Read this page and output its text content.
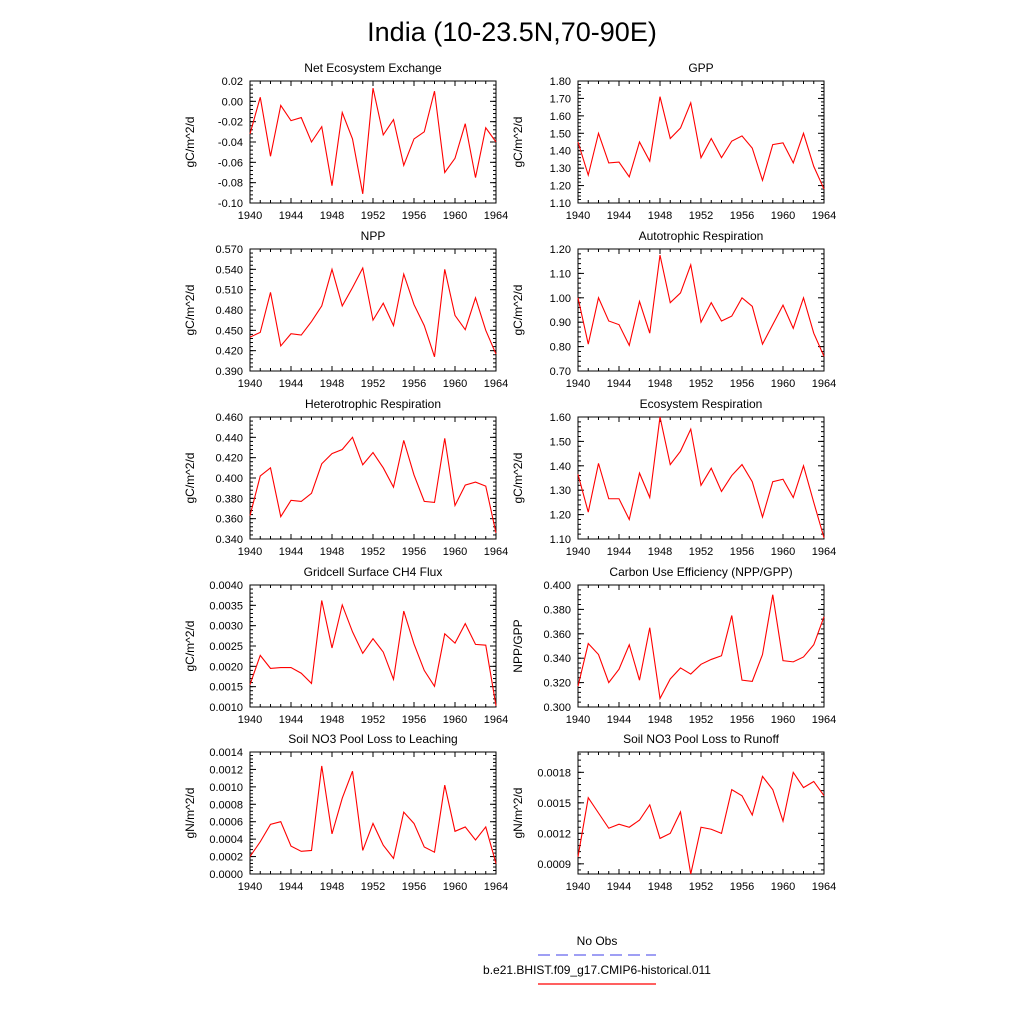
India (10-23.5N,70-90E)
Net Ecosystem Exchange
gC/m^2/d
1940 1944 1948 1952 1956 1960 1964
-0.10
-0.08
-0.06
-0.04
-0.02
0.00
0.02
GPP
gC/m^2/d
1940 1944 1948 1952 1956 1960 1964
1.10
1.20
1.30
1.40
1.50
1.60
1.70
1.80
NPP
gC/m^2/d
1940 1944 1948 1952 1956 1960 1964
0.390
0.420
0.450
0.480
0.510
0.540
0.570
Autotrophic Respiration
gC/m^2/d
1940 1944 1948 1952 1956 1960 1964
0.70
0.80
0.90
1.00
1.10
1.20
Heterotrophic Respiration
gC/m^2/d
1940 1944 1948 1952 1956 1960 1964
0.340
0.360
0.380
0.400
0.420
0.440
0.460
Ecosystem Respiration
gC/m^2/d
1940 1944 1948 1952 1956 1960 1964
1.10
1.20
1.30
1.40
1.50
1.60
Gridcell Surface CH4 Flux
gC/m^2/d
1940 1944 1948 1952 1956 1960 1964
0.0010
0.0015
0.0020
0.0025
0.0030
0.0035
0.0040
Carbon Use Efficiency (NPP/GPP)
NPP/GPP
1940 1944 1948 1952 1956 1960 1964
0.300
0.320
0.340
0.360
0.380
0.400
Soil NO3 Pool Loss to Leaching
gN/m^2/d
1940 1944 1948 1952 1956 1960 1964
0.0000
0.0002
0.0004
0.0006
0.0008
0.0010
0.0012
0.0014
Soil NO3 Pool Loss to Runoff
gN/m^2/d
1940 1944 1948 1952 1956 1960 1964
0.0009
0.0012
0.0015
0.0018
No Obs
b.e21.BHIST.f09_g17.CMIP6-historical.011
